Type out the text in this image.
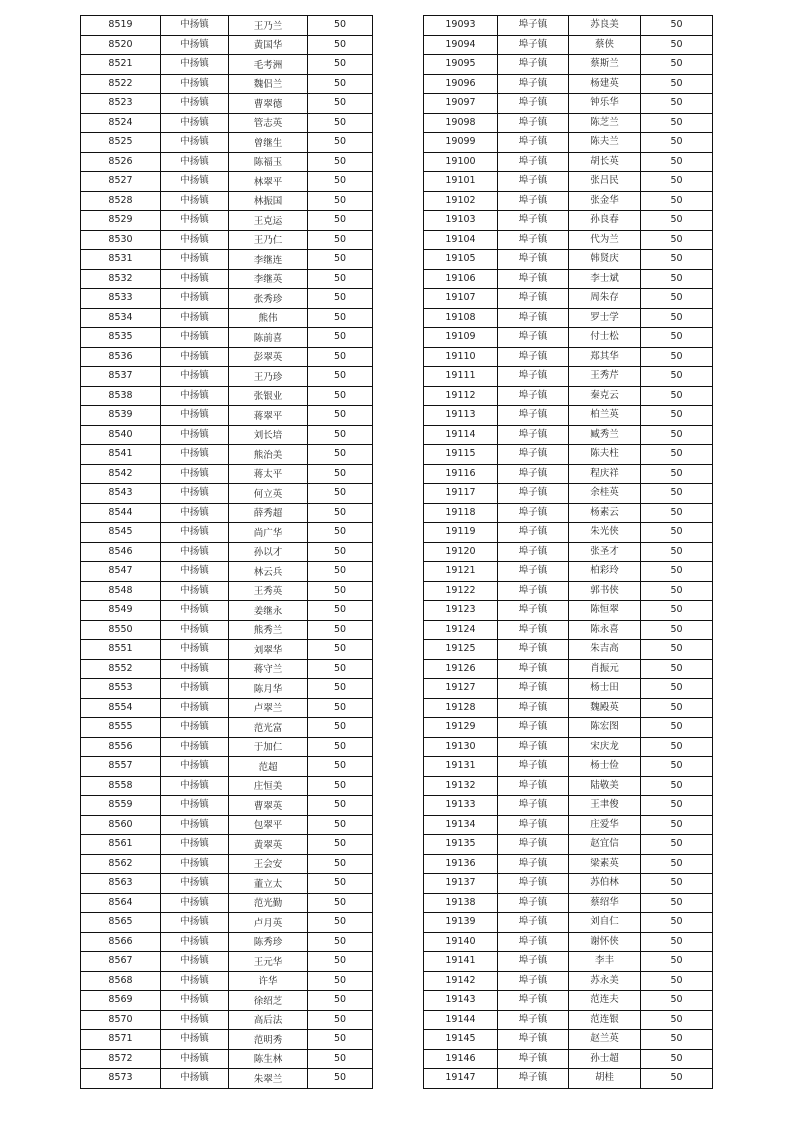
8519	中扬镇	王乃兰	50
8520	中扬镇	黄国华	50
8521	中扬镇	毛考洲	50
8522	中扬镇	魏侣兰	50
8523	中扬镇	曹翠德	50
8524	中扬镇	管志英	50
8525	中扬镇	曾继生	50
8526	中扬镇	陈福玉	50
8527	中扬镇	林翠平	50
8528	中扬镇	林振国	50
8529	中扬镇	王克运	50
8530	中扬镇	王乃仁	50
8531	中扬镇	李继连	50
8532	中扬镇	李继英	50
8533	中扬镇	张秀珍	50
8534	中扬镇	熊伟	50
8535	中扬镇	陈前喜	50
8536	中扬镇	彭翠英	50
8537	中扬镇	王乃珍	50
8538	中扬镇	张银业	50
8539	中扬镇	蒋翠平	50
8540	中扬镇	刘长培	50
8541	中扬镇	熊治美	50
8542	中扬镇	蒋太平	50
8543	中扬镇	何立英	50
8544	中扬镇	薛秀超	50
8545	中扬镇	尚广华	50
8546	中扬镇	孙以才	50
8547	中扬镇	林云兵	50
8548	中扬镇	王秀英	50
8549	中扬镇	姜继永	50
8550	中扬镇	熊秀兰	50
8551	中扬镇	刘翠华	50
8552	中扬镇	蒋守兰	50
8553	中扬镇	陈月华	50
8554	中扬镇	卢翠兰	50
8555	中扬镇	范光富	50
8556	中扬镇	于加仁	50
8557	中扬镇	范超	50
8558	中扬镇	庄恒美	50
8559	中扬镇	曹翠英	50
8560	中扬镇	包翠平	50
8561	中扬镇	黄翠英	50
8562	中扬镇	王会安	50
8563	中扬镇	董立太	50
8564	中扬镇	范光勤	50
8565	中扬镇	卢月英	50
8566	中扬镇	陈秀珍	50
8567	中扬镇	王元华	50
8568	中扬镇	许华	50
8569	中扬镇	徐绍芝	50
8570	中扬镇	高后法	50
8571	中扬镇	范明秀	50
8572	中扬镇	陈生林	50
8573	中扬镇	朱翠兰	50
19093	埠子镇	苏良美	50
19094	埠子镇	蔡侠	50
19095	埠子镇	蔡斯兰	50
19096	埠子镇	杨建英	50
19097	埠子镇	钟乐华	50
19098	埠子镇	陈芝兰	50
19099	埠子镇	陈夫兰	50
19100	埠子镇	胡长英	50
19101	埠子镇	张吕民	50
19102	埠子镇	张金华	50
19103	埠子镇	孙良春	50
19104	埠子镇	代为兰	50
19105	埠子镇	韩贤庆	50
19106	埠子镇	李士斌	50
19107	埠子镇	周朱存	50
19108	埠子镇	罗士学	50
19109	埠子镇	付士松	50
19110	埠子镇	郑其华	50
19111	埠子镇	王秀芹	50
19112	埠子镇	秦克云	50
19113	埠子镇	柏兰英	50
19114	埠子镇	臧秀兰	50
19115	埠子镇	陈夫柱	50
19116	埠子镇	程庆祥	50
19117	埠子镇	余桂英	50
19118	埠子镇	杨素云	50
19119	埠子镇	朱光侠	50
19120	埠子镇	张圣才	50
19121	埠子镇	柏彩玲	50
19122	埠子镇	郭书侠	50
19123	埠子镇	陈恒翠	50
19124	埠子镇	陈永喜	50
19125	埠子镇	朱吉高	50
19126	埠子镇	肖振元	50
19127	埠子镇	杨士田	50
19128	埠子镇	魏殿英	50
19129	埠子镇	陈宏图	50
19130	埠子镇	宋庆龙	50
19131	埠子镇	杨士俭	50
19132	埠子镇	陆敬美	50
19133	埠子镇	王聿俊	50
19134	埠子镇	庄爱华	50
19135	埠子镇	赵宜信	50
19136	埠子镇	梁素英	50
19137	埠子镇	苏伯林	50
19138	埠子镇	蔡绍华	50
19139	埠子镇	刘自仁	50
19140	埠子镇	谢怀侠	50
19141	埠子镇	李丰	50
19142	埠子镇	苏永美	50
19143	埠子镇	范连夫	50
19144	埠子镇	范连银	50
19145	埠子镇	赵兰英	50
19146	埠子镇	孙士超	50
19147	埠子镇	胡桂	50
